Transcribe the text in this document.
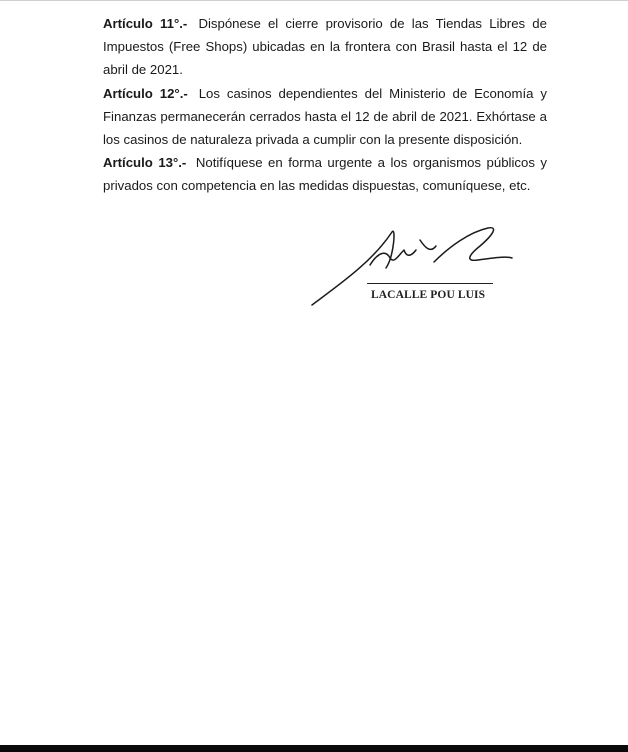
Artículo 11°.- Dispónese el cierre provisorio de las Tiendas Libres de Impuestos (Free Shops) ubicadas en la frontera con Brasil hasta el 12 de abril de 2021.

Artículo 12°.- Los casinos dependientes del Ministerio de Economía y Finanzas permanecerán cerrados hasta el 12 de abril de 2021. Exhórtase a los casinos de naturaleza privada a cumplir con la presente disposición.

Artículo 13°.- Notifíquese en forma urgente a los organismos públicos y privados con competencia en las medidas dispuestas, comuníquese, etc.

LACALLE POU LUIS
